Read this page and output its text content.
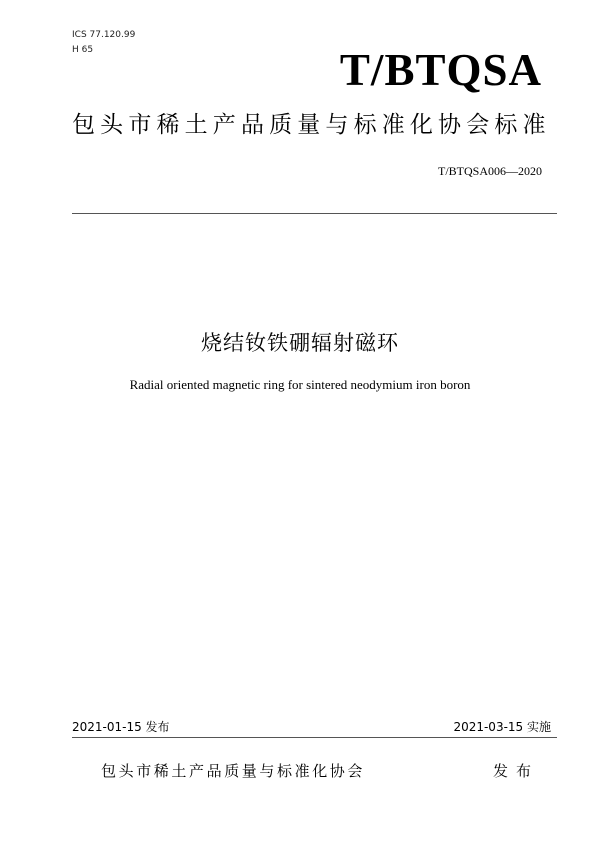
ICS 77.120.99
H 65	T/BTQSA
包头市稀土产品质量与标准化协会标准
T/BTQSA006—2020
烧结钕铁硼辐射磁环
Radial oriented magnetic ring for sintered neodymium iron boron
2021-01-15 发布	2021-03-15 实施
包头市稀土产品质量与标准化协会	发布
